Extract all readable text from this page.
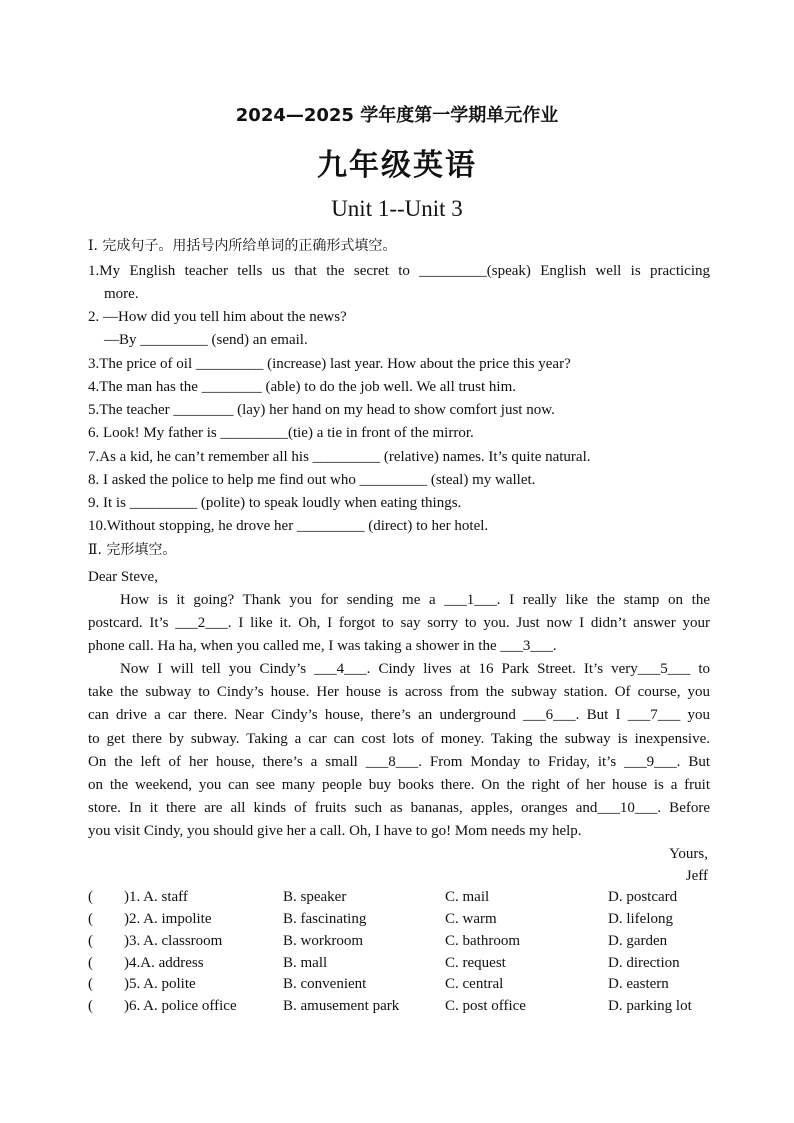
2024—2025 学年度第一学期单元作业
九年级英语
Unit 1--Unit 3
I. 完成句子。用括号内所给单词的正确形式填空。
1.My English teacher tells us that the secret to _________(speak) English well is practicing
more.
2. —How did you tell him about the news?
—By _________ (send) an email.
3.The price of oil _________ (increase) last year. How about the price this year?
4.The man has the ________ (able) to do the job well. We all trust him.
5.The teacher ________ (lay) her hand on my head to show comfort just now.
6. Look! My father is _________(tie) a tie in front of the mirror.
7.As a kid, he can’t remember all his _________ (relative) names. It’s quite natural.
8. I asked the police to help me find out who _________ (steal) my wallet.
9. It is _________ (polite) to speak loudly when eating things.
10.Without stopping, he drove her _________ (direct) to her hotel.
Ⅱ. 完形填空。
Dear Steve,
How is it going? Thank you for sending me a ___1___. I really like the stamp on the
postcard. It’s ___2___. I like it. Oh, I forgot to say sorry to you. Just now I didn’t answer your
phone call. Ha ha, when you called me, I was taking a shower in the ___3___.
Now I will tell you Cindy’s ___4___. Cindy lives at 16 Park Street. It’s very___5___ to
take the subway to Cindy’s house. Her house is across from the subway station. Of course, you
can drive a car there. Near Cindy’s house, there’s an underground ___6___. But I ___7___ you
to get there by subway. Taking a car can cost lots of money. Taking the subway is inexpensive.
On the left of her house, there’s a small ___8___. From Monday to Friday, it’s ___9___. But
on the weekend, you can see many people buy books there. On the right of her house is a fruit
store. In it there are all kinds of fruits such as bananas, apples, oranges and___10___. Before
you visit Cindy, you should give her a call. Oh, I have to go! Mom needs my help.
Yours,
Jeff
( )1. A. staff	B. speaker	C. mail	D. postcard
( )2. A. impolite	B. fascinating	C. warm	D. lifelong
( )3. A. classroom	B. workroom	C. bathroom	D. garden
( )4.A. address	B. mall	C. request	D. direction
( )5. A. polite	B. convenient	C. central	D. eastern
( )6. A. police office	B. amusement park	C. post office	D. parking lot
